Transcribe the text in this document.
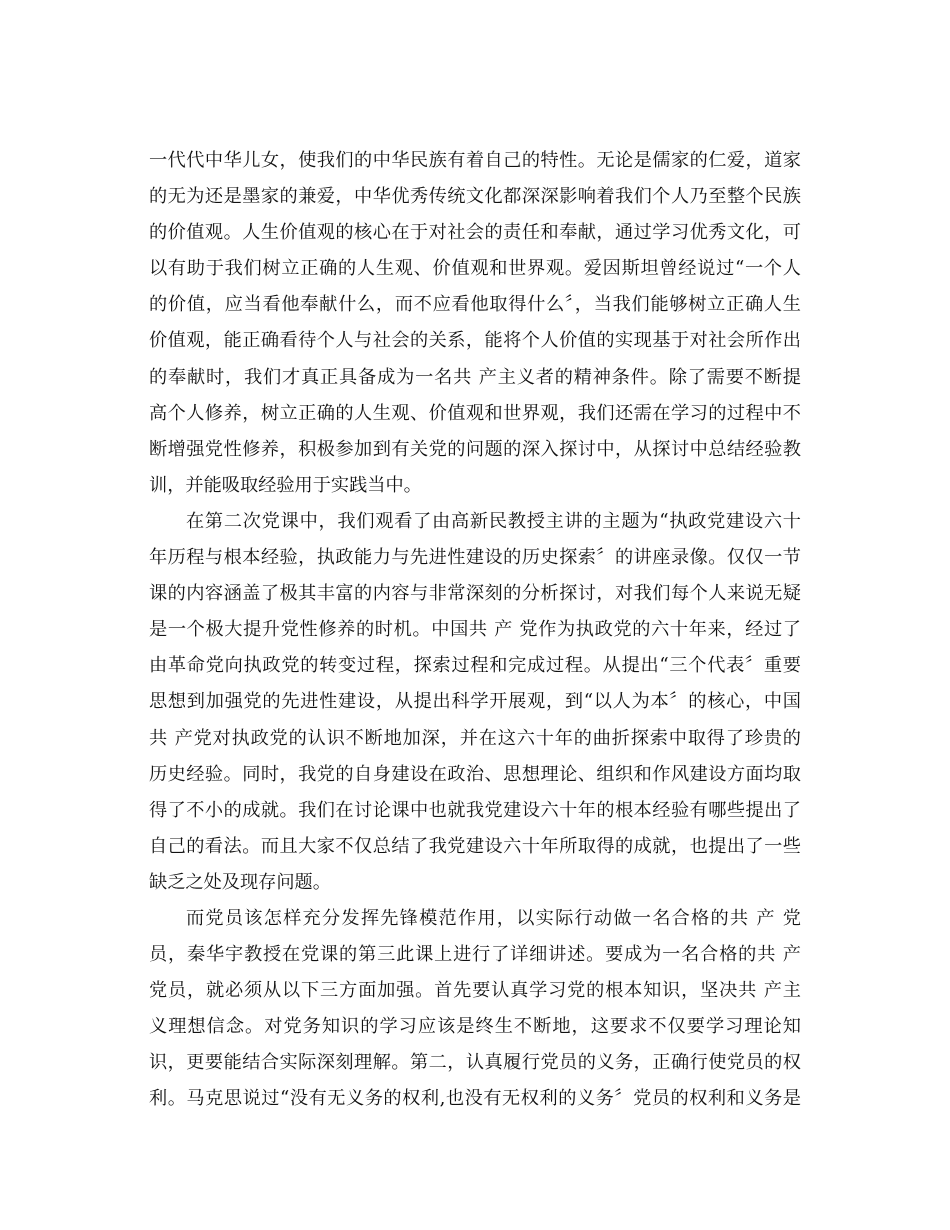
一代代中华儿女，使我们的中华民族有着自己的特性。无论是儒家的仁爱，道家
的无为还是墨家的兼爱，中华优秀传统文化都深深影响着我们个人乃至整个民族
的价值观。人生价值观的核心在于对社会的责任和奉献，通过学习优秀文化，可
以有助于我们树立正确的人生观、价值观和世界观。爱因斯坦曾经说过“一个人
的价值，应当看他奉献什么，而不应看他取得什么〞，当我们能够树立正确人生
价值观，能正确看待个人与社会的关系，能将个人价值的实现基于对社会所作出
的奉献时，我们才真正具备成为一名共 产主义者的精神条件。除了需要不断提
高个人修养，树立正确的人生观、价值观和世界观，我们还需在学习的过程中不
断增强党性修养，积极参加到有关党的问题的深入探讨中，从探讨中总结经验教
训，并能吸取经验用于实践当中。
在第二次党课中，我们观看了由高新民教授主讲的主题为“执政党建设六十
年历程与根本经验，执政能力与先进性建设的历史探索〞的讲座录像。仅仅一节
课的内容涵盖了极其丰富的内容与非常深刻的分析探讨，对我们每个人来说无疑
是一个极大提升党性修养的时机。中国共 产 党作为执政党的六十年来，经过了
由革命党向执政党的转变过程，探索过程和完成过程。从提出“三个代表〞重要
思想到加强党的先进性建设，从提出科学开展观，到“以人为本〞的核心，中国
共 产党对执政党的认识不断地加深，并在这六十年的曲折探索中取得了珍贵的
历史经验。同时，我党的自身建设在政治、思想理论、组织和作风建设方面均取
得了不小的成就。我们在讨论课中也就我党建设六十年的根本经验有哪些提出了
自己的看法。而且大家不仅总结了我党建设六十年所取得的成就，也提出了一些
缺乏之处及现存问题。
而党员该怎样充分发挥先锋模范作用，以实际行动做一名合格的共 产 党
员，秦华宇教授在党课的第三此课上进行了详细讲述。要成为一名合格的共 产
党员，就必须从以下三方面加强。首先要认真学习党的根本知识，坚决共 产主
义理想信念。对党务知识的学习应该是终生不断地，这要求不仅要学习理论知
识，更要能结合实际深刻理解。第二，认真履行党员的义务，正确行使党员的权
利。马克思说过“没有无义务的权利,也没有无权利的义务〞党员的权利和义务是
